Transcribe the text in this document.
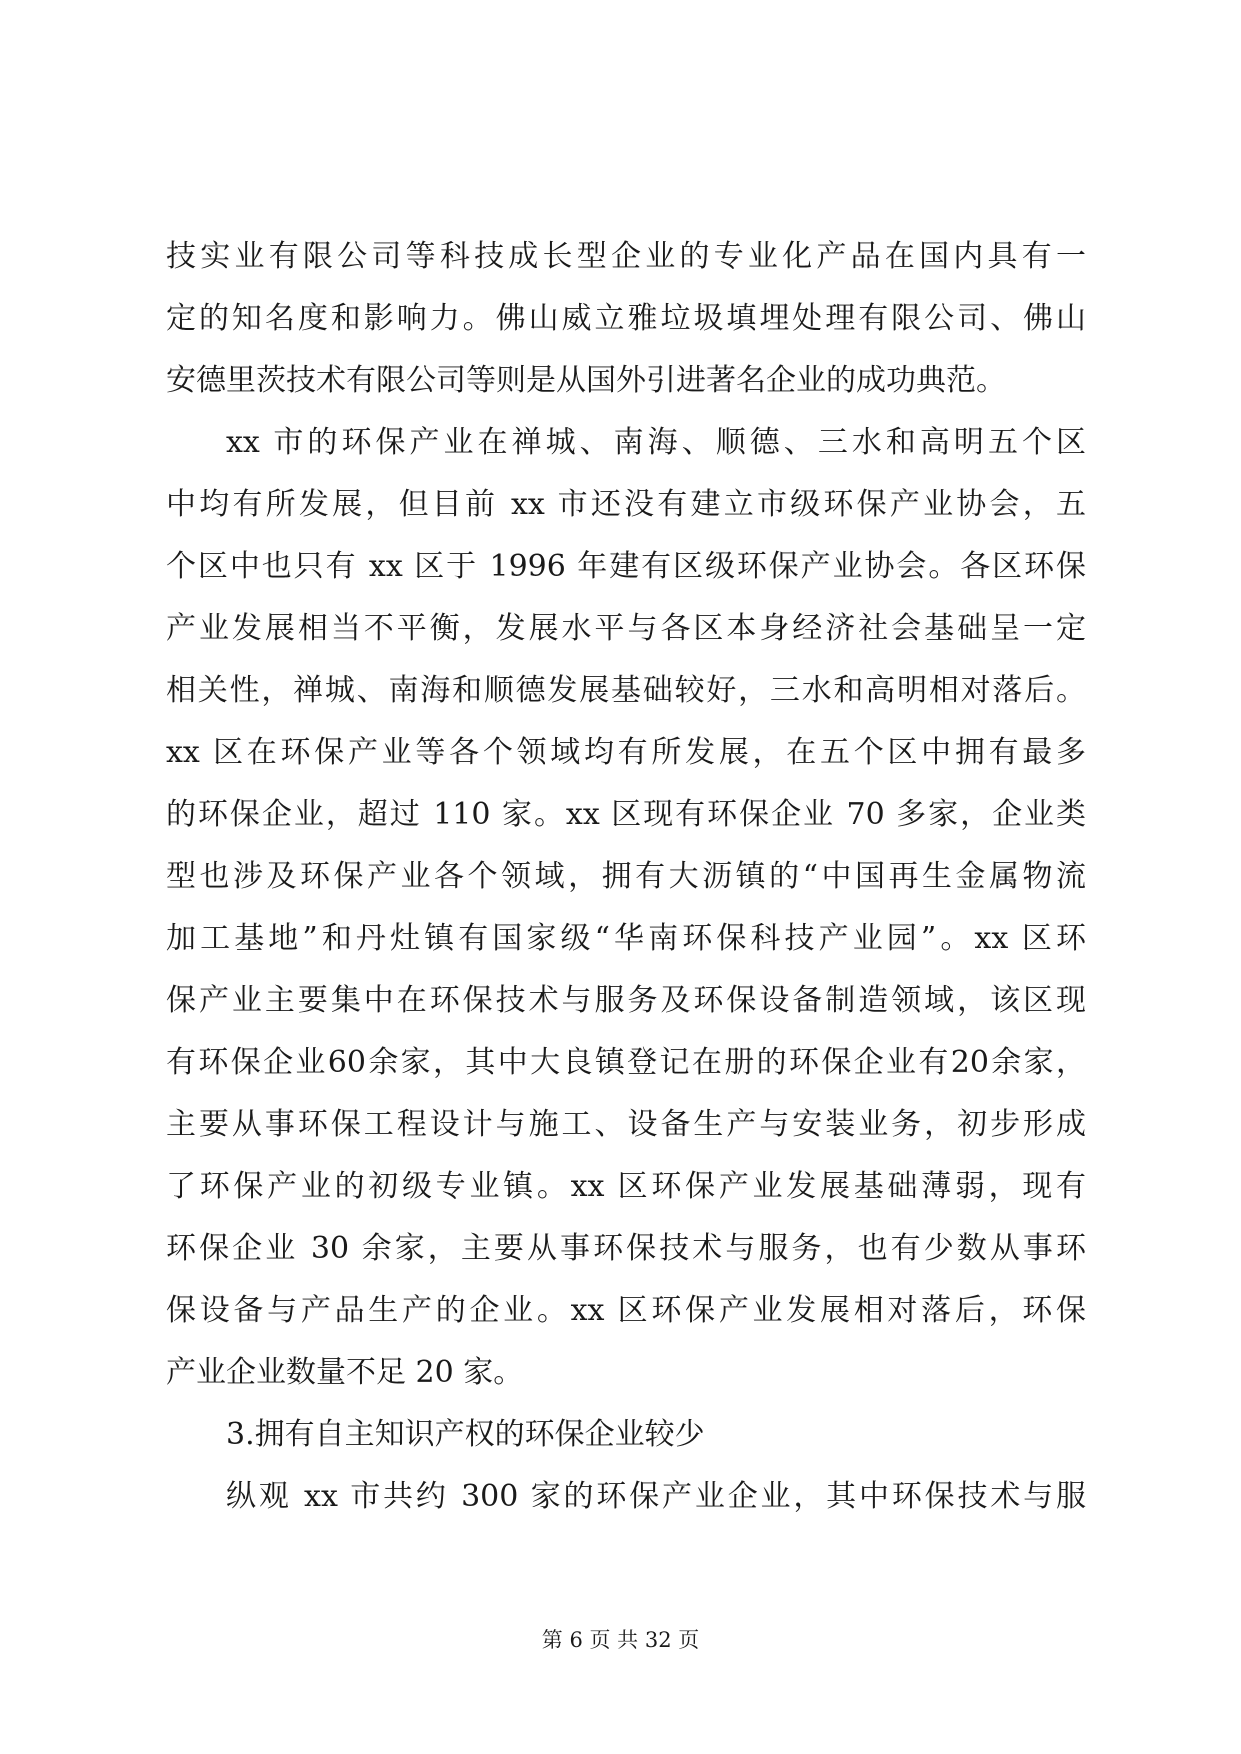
技实业有限公司等科技成长型企业的专业化产品在国内具有一
定的知名度和影响力。佛山威立雅垃圾填埋处理有限公司、佛山
安德里茨技术有限公司等则是从国外引进著名企业的成功典范。
xx 市的环保产业在禅城、南海、顺德、三水和高明五个区
中均有所发展，但目前 xx 市还没有建立市级环保产业协会，五
个区中也只有 xx 区于 1996 年建有区级环保产业协会。各区环保
产业发展相当不平衡，发展水平与各区本身经济社会基础呈一定
相关性，禅城、南海和顺德发展基础较好，三水和高明相对落后。
xx 区在环保产业等各个领域均有所发展，在五个区中拥有最多
的环保企业，超过 110 家。xx 区现有环保企业 70 多家，企业类
型也涉及环保产业各个领域，拥有大沥镇的“中国再生金属物流
加工基地”和丹灶镇有国家级“华南环保科技产业园”。xx 区环
保产业主要集中在环保技术与服务及环保设备制造领域，该区现
有环保企业60余家，其中大良镇登记在册的环保企业有20余家，
主要从事环保工程设计与施工、设备生产与安装业务，初步形成
了环保产业的初级专业镇。xx 区环保产业发展基础薄弱，现有
环保企业 30 余家，主要从事环保技术与服务，也有少数从事环
保设备与产品生产的企业。xx 区环保产业发展相对落后，环保
产业企业数量不足 20 家。
3.拥有自主知识产权的环保企业较少
纵观 xx 市共约 300 家的环保产业企业，其中环保技术与服
第 6 页 共 32 页
